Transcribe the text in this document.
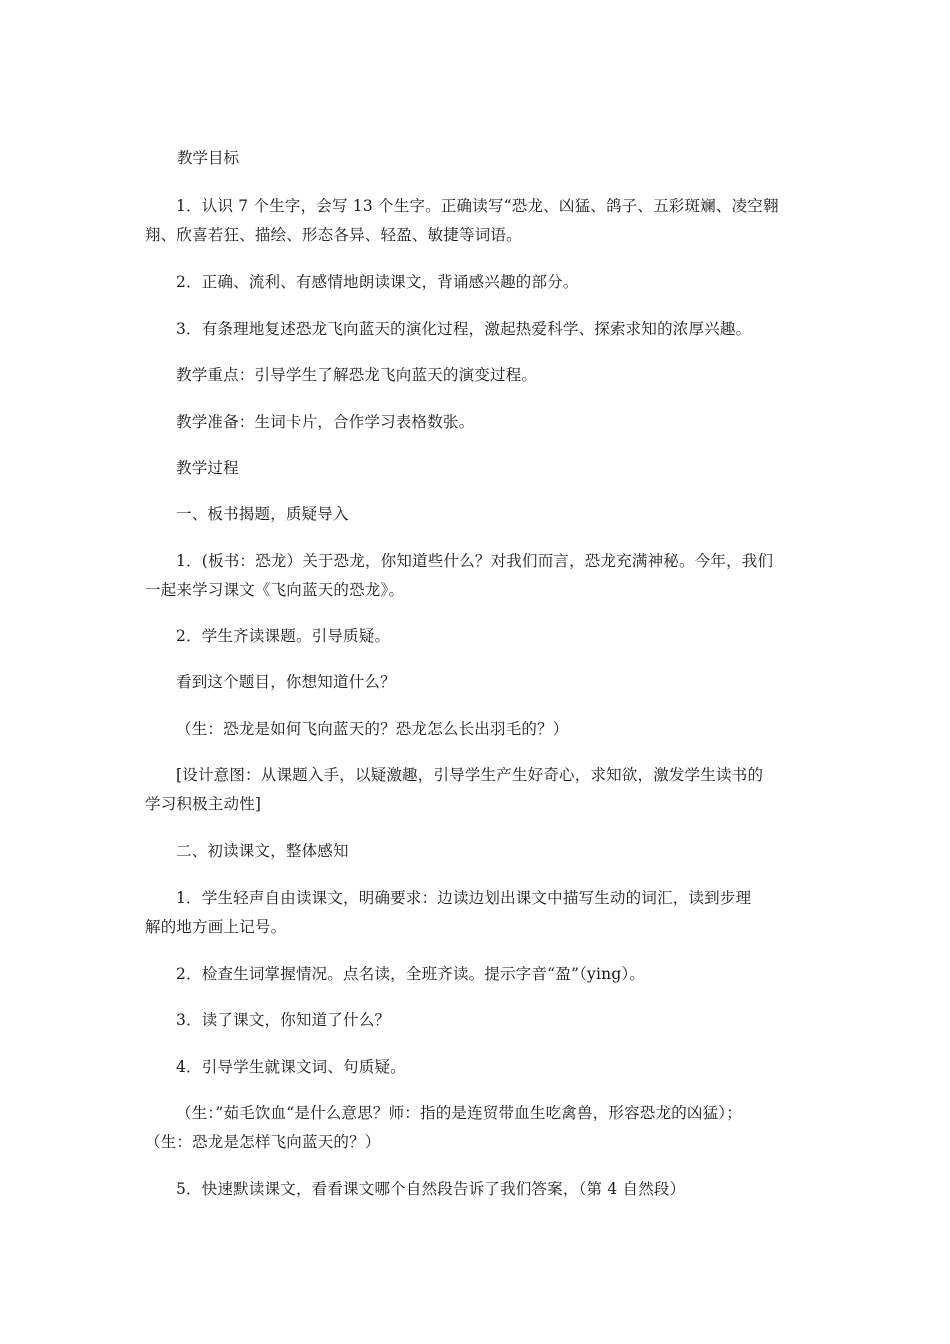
教学目标

1．认识 7 个生字，会写 13 个生字。正确读写“恐龙、凶猛、鸽子、五彩斑斓、凌空翱
翔、欣喜若狂、描绘、形态各异、轻盈、敏捷等词语。
2．正确、流利、有感情地朗读课文，背诵感兴趣的部分。
3．有条理地复述恐龙飞向蓝天的演化过程，激起热爱科学、探索求知的浓厚兴趣。
教学重点：引导学生了解恐龙飞向蓝天的演变过程。
教学准备：生词卡片，合作学习表格数张。
教学过程
一、板书揭题，质疑导入
1．(板书：恐龙）关于恐龙，你知道些什么？对我们而言，恐龙充满神秘。今年，我们
一起来学习课文《飞向蓝天的恐龙》。
2．学生齐读课题。引导质疑。
看到这个题目，你想知道什么？
（生：恐龙是如何飞向蓝天的？恐龙怎么长出羽毛的？）
[设计意图：从课题入手，以疑激趣，引导学生产生好奇心，求知欲，激发学生读书的
学习积极主动性]
二、初读课文，整体感知
1．学生轻声自由读课文，明确要求：边读边划出课文中描写生动的词汇，读到步理
解的地方画上记号。
2．检查生词掌握情况。点名读，全班齐读。提示字音“盈”（ying）。
3．读了课文，你知道了什么？
4．引导学生就课文词、句质疑。
（生：”茹毛饮血“是什么意思？师：指的是连贸带血生吃禽兽，形容恐龙的凶猛）；
（生：恐龙是怎样飞向蓝天的？）
5．快速默读课文，看看课文哪个自然段告诉了我们答案，（第 4 自然段）
